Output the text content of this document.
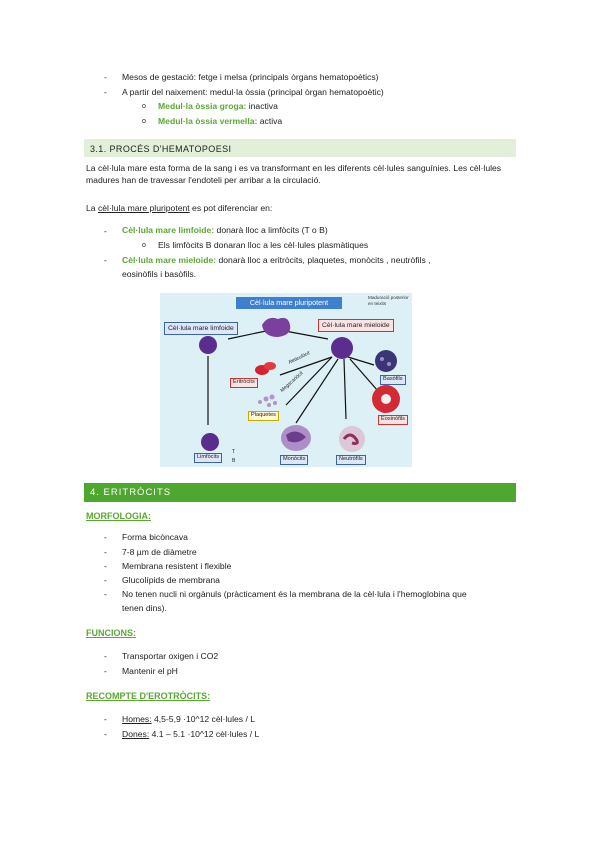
- Mesos de gestació: fetge i melsa (principals òrgans hematopoètics)
- A partir del naixement: medul·la òssia (principal òrgan hematopoètic)
o Medul·la òssia groga: inactiva
o Medul·la òssia vermella: activa
3.1. PROCÉS D'HEMATOPOESI
La cèl·lula mare esta forma de la sang i es va transformant en les diferents cèl·lules sanguínies. Les cèl·lules madures han de travessar l'endoteli per arribar a la circulació.
La cèl·lula mare pluripotent es pot diferenciar en:
- Cèl·lula mare limfoide: donarà lloc a limfòcits (T o B)
o Els limfòcits B donaran lloc a les cèl·lules plasmàtiques
- Cèl·lula mare mieloide: donarà lloc a eritròcits, plaquetes, monòcits , neutròfils ,
eosinòfils i basòfils.
Cèl·lula mare pluripotent
Maduració posterior en teixits
Cèl·lula mare limfoide	Cèl·lula mare mieloide
Eritròcits
Reticulòcit
Megacariòcit
Plaquetes
Basòfils
Eosinòfils
Limfòcits
T
B	Monòcits	Neutròfils
4. ERITRÒCITS
MORFOLOGIA:
- Forma bicòncava
- 7-8 µm de diàmetre
- Membrana resistent i flexible
- Glucolípids de membrana
- No tenen nucli ni orgànuls (pràcticament és la membrana de la cèl·lula i l'hemoglobina que
tenen dins).
FUNCIONS:
- Transportar oxigen i CO2
- Mantenir el pH
RECOMPTE D'EROTRÒCITS:
- Homes: 4,5-5,9 ·10^12 cèl·lules / L
- Dones: 4.1 – 5.1 ·10^12 cèl·lules / L
